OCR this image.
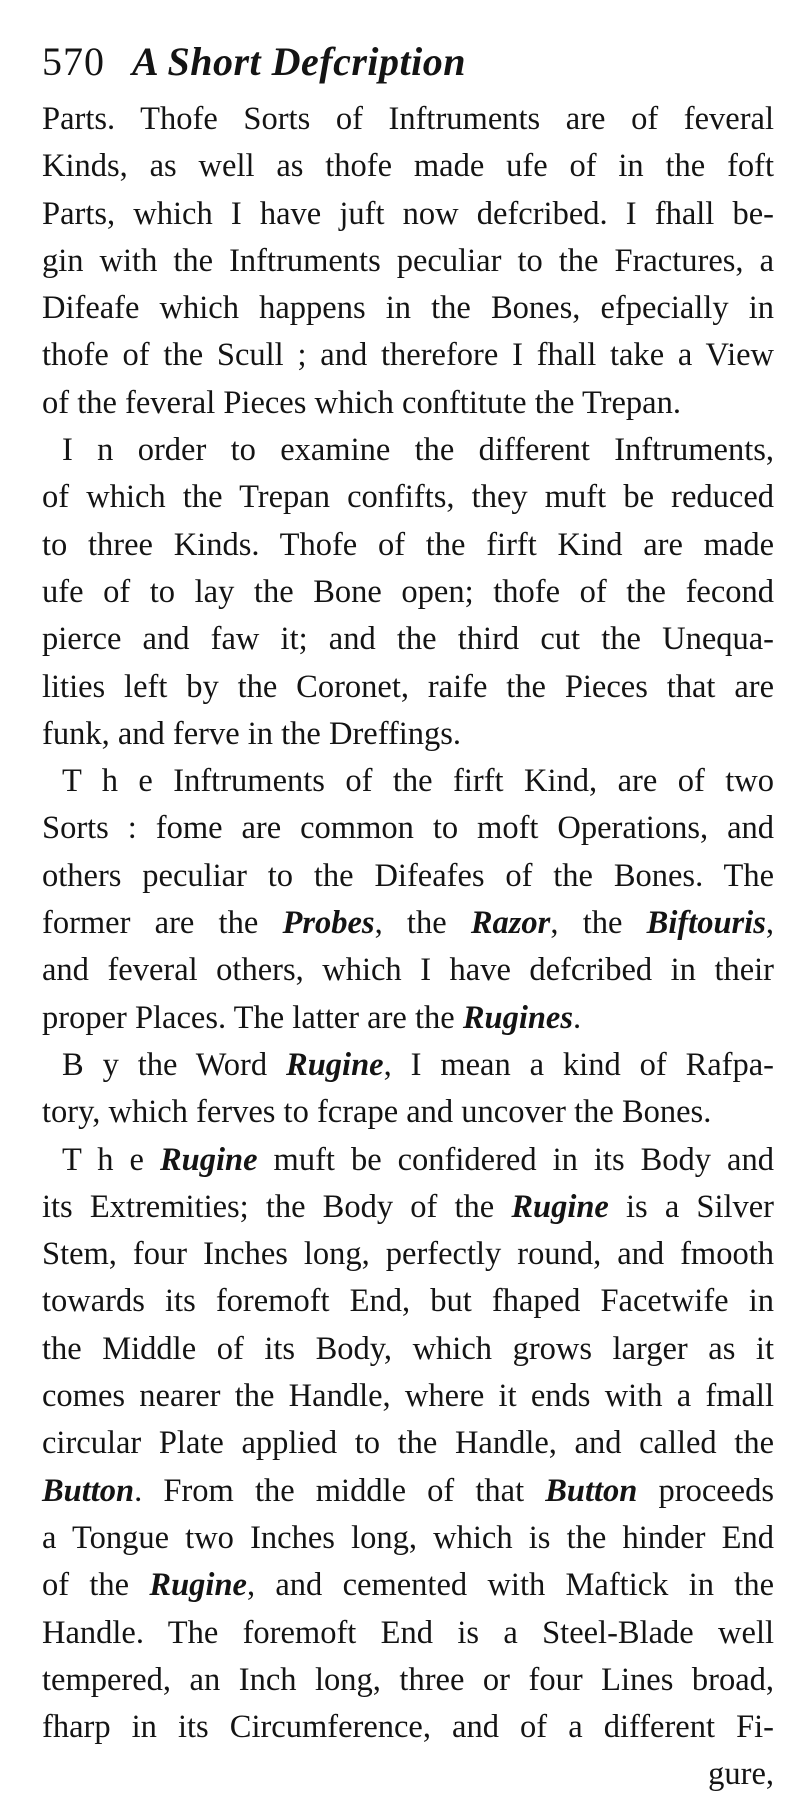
570 A Short Defcription
Parts. Thofe Sorts of Inftruments are of feveral
Kinds, as well as thofe made ufe of in the foft
Parts, which I have juft now defcribed. I fhall be-
gin with the Inftruments peculiar to the Fractures, a
Difeafe which happens in the Bones, efpecially in
thofe of the Scull ; and therefore I fhall take a View
of the feveral Pieces which conftitute the Trepan.
I n order to examine the different Inftruments,
of which the Trepan confifts, they muft be reduced
to three Kinds. Thofe of the firft Kind are made
ufe of to lay the Bone open; thofe of the fecond
pierce and faw it; and the third cut the Unequa-
lities left by the Coronet, raife the Pieces that are
funk, and ferve in the Dreffings.
T h e Inftruments of the firft Kind, are of two
Sorts : fome are common to moft Operations, and
others peculiar to the Difeafes of the Bones. The
former are the Probes, the Razor, the Biftouris,
and feveral others, which I have defcribed in their
proper Places. The latter are the Rugines.
B y the Word Rugine, I mean a kind of Rafpa-
tory, which ferves to fcrape and uncover the Bones.
T h e Rugine muft be confidered in its Body and
its Extremities; the Body of the Rugine is a Silver
Stem, four Inches long, perfectly round, and fmooth
towards its foremoft End, but fhaped Facetwife in
the Middle of its Body, which grows larger as it
comes nearer the Handle, where it ends with a fmall
circular Plate applied to the Handle, and called the
Button. From the middle of that Button proceeds
a Tongue two Inches long, which is the hinder End
of the Rugine, and cemented with Maftick in the
Handle. The foremoft End is a Steel-Blade well
tempered, an Inch long, three or four Lines broad,
fharp in its Circumference, and of a different Fi-
gure,
